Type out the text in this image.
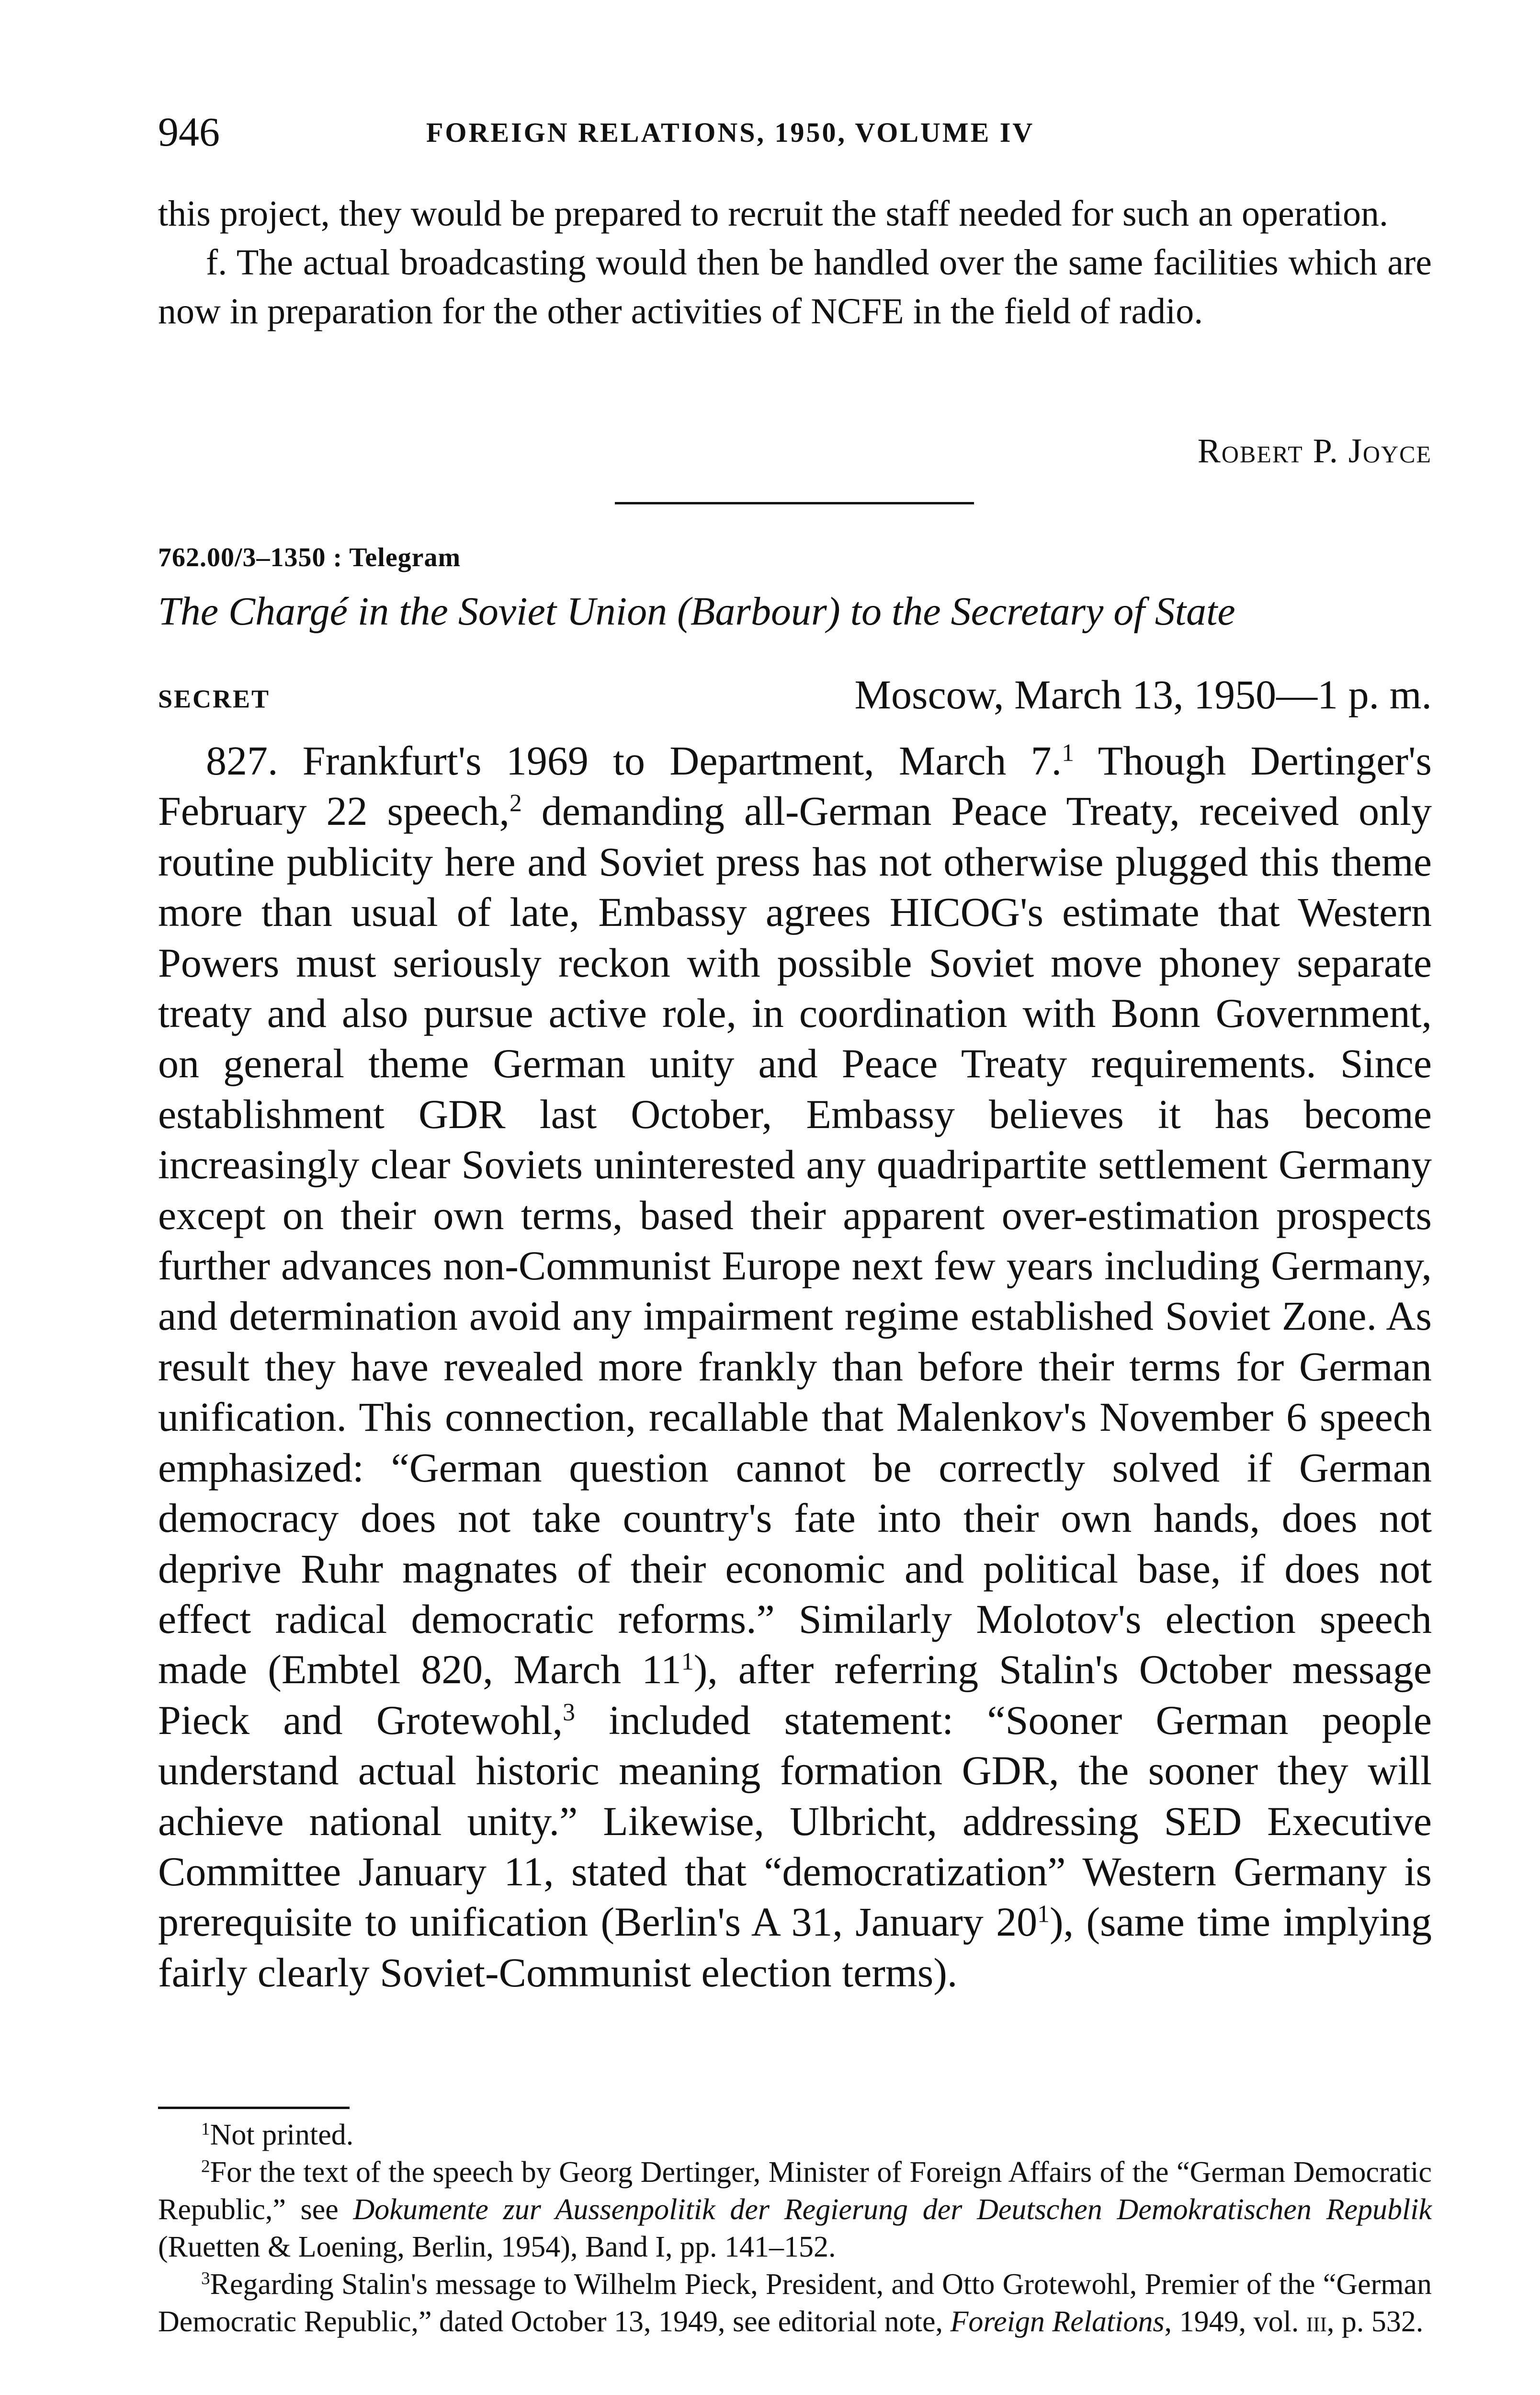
946	FOREIGN RELATIONS, 1950, VOLUME IV

this project, they would be prepared to recruit the staff needed for such an operation.

f. The actual broadcasting would then be handled over the same facilities which are now in preparation for the other activities of NCFE in the field of radio.

Robert P. Joyce
762.00/3–1350 : Telegram
The Chargé in the Soviet Union (Barbour) to the Secretary of State
SECRET	Moscow, March 13, 1950—1 p. m.

827. Frankfurt's 1969 to Department, March 7.$^1$ Though Dertinger's February 22 speech,$^2$ demanding all-German Peace Treaty, received only routine publicity here and Soviet press has not otherwise plugged this theme more than usual of late, Embassy agrees HICOG's estimate that Western Powers must seriously reckon with possible Soviet move phoney separate treaty and also pursue active role, in coordination with Bonn Government, on general theme German unity and Peace Treaty requirements. Since establishment GDR last October, Embassy believes it has become increasingly clear Soviets uninterested any quadripartite settlement Germany except on their own terms, based their apparent over-estimation prospects further advances non-Communist Europe next few years including Germany, and determination avoid any impairment regime established Soviet Zone. As result they have revealed more frankly than before their terms for German unification. This connection, recallable that Malenkov's November 6 speech emphasized: “German question cannot be correctly solved if German democracy does not take country's fate into their own hands, does not deprive Ruhr magnates of their economic and political base, if does not effect radical democratic reforms.” Similarly Molotov's election speech made (Embtel 820, March $11^1$), after referring Stalin's October message Pieck and Grotewohl,$^3$ included statement: “Sooner German people understand actual historic meaning formation GDR, the sooner they will achieve national unity.” Likewise, Ulbricht, addressing SED Executive Committee January 11, stated that “democratization” Western Germany is prerequisite to unification (Berlin's A 31, January $20^1$), (same time implying fairly clearly Soviet-Communist election terms).

$^1$Not printed.

$^2$For the text of the speech by Georg Dertinger, Minister of Foreign Affairs of the “German Democratic Republic,” see Dokumente zur Aussenpolitik der Regierung der Deutschen Demokratischen Republik (Ruetten & Loening, Berlin, 1954), Band I, pp. 141–152.

$^3$Regarding Stalin's message to Wilhelm Pieck, President, and Otto Grotewohl, Premier of the “German Democratic Republic,” dated October 13, 1949, see editorial note, Foreign Relations, 1949, vol. iii, p. 532.
